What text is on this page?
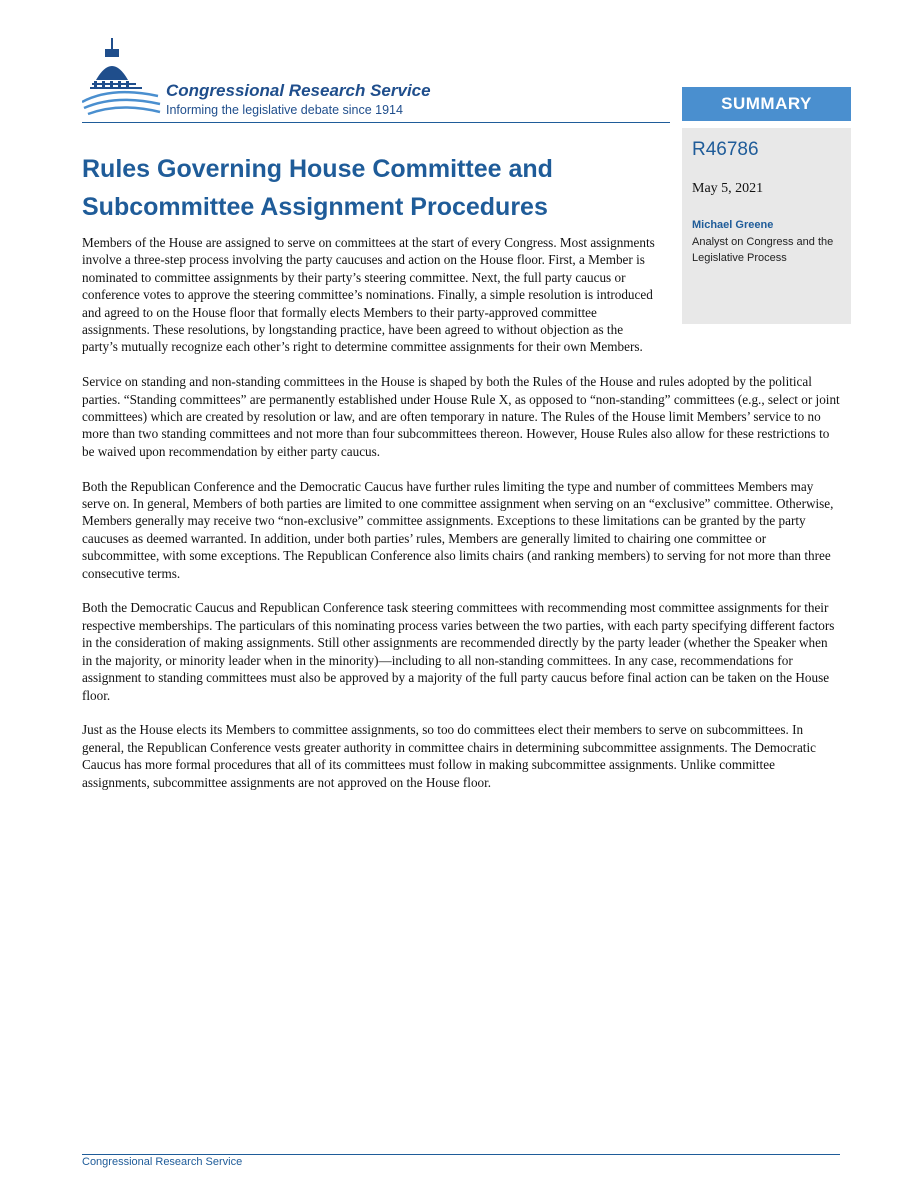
Congressional Research Service
Informing the legislative debate since 1914	SUMMARY
R46786
May 5, 2021
Michael Greene
Analyst on Congress and the Legislative Process
Rules Governing House Committee and Subcommittee Assignment Procedures

Members of the House are assigned to serve on committees at the start of every Congress. Most assignments involve a three-step process involving the party caucuses and action on the House floor. First, a Member is nominated to committee assignments by their party’s steering committee. Next, the full party caucus or conference votes to approve the steering committee’s nominations. Finally, a simple resolution is introduced and agreed to on the House floor that formally elects Members to their party-approved committee assignments. These resolutions, by longstanding practice, have been agreed to without objection as the party’s mutually recognize each other’s right to determine committee assignments for their own Members.

Service on standing and non-standing committees in the House is shaped by both the Rules of the House and rules adopted by the political parties. “Standing committees” are permanently established under House Rule X, as opposed to “non-standing” committees (e.g., select or joint committees) which are created by resolution or law, and are often temporary in nature. The Rules of the House limit Members’ service to no more than two standing committees and not more than four subcommittees thereon. However, House Rules also allow for these restrictions to be waived upon recommendation by either party caucus.

Both the Republican Conference and the Democratic Caucus have further rules limiting the type and number of committees Members may serve on. In general, Members of both parties are limited to one committee assignment when serving on an “exclusive” committee. Otherwise, Members generally may receive two “non-exclusive” committee assignments. Exceptions to these limitations can be granted by the party caucuses as deemed warranted. In addition, under both parties’ rules, Members are generally limited to chairing one committee or subcommittee, with some exceptions. The Republican Conference also limits chairs (and ranking members) to serving for not more than three consecutive terms.

Both the Democratic Caucus and Republican Conference task steering committees with recommending most committee assignments for their respective memberships. The particulars of this nominating process varies between the two parties, with each party specifying different factors in the consideration of making assignments. Still other assignments are recommended directly by the party leader (whether the Speaker when in the majority, or minority leader when in the minority)—including to all non-standing committees. In any case, recommendations for assignment to standing committees must also be approved by a majority of the full party caucus before final action can be taken on the House floor.

Just as the House elects its Members to committee assignments, so too do committees elect their members to serve on subcommittees. In general, the Republican Conference vests greater authority in committee chairs in determining subcommittee assignments. The Democratic Caucus has more formal procedures that all of its committees must follow in making subcommittee assignments. Unlike committee assignments, subcommittee assignments are not approved on the House floor.

Congressional Research Service
